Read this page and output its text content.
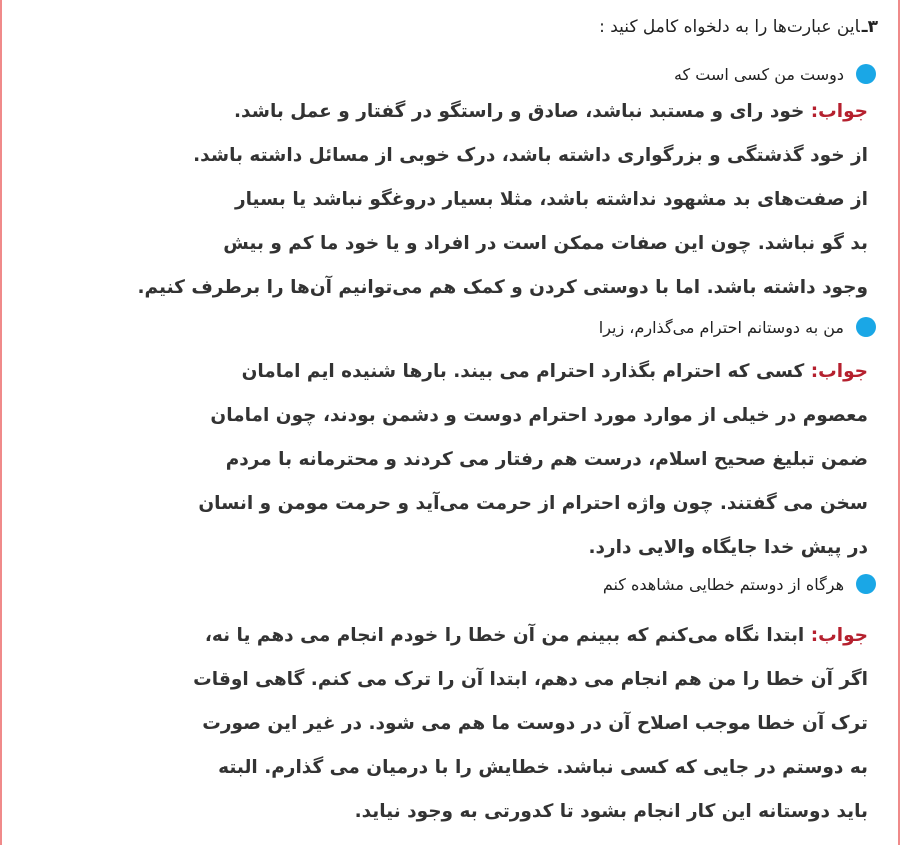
۳ـاین عبارت‌ها را به دلخواه کامل کنید :
دوست من کسی است که
جواب: خود رای و مستبد نباشد، صادق و راستگو در گفتار و عمل باشد.
از خود گذشتگی و بزرگواری داشته باشد، درک خوبی از مسائل داشته باشد.
از صفت‌های بد مشهود نداشته باشد، مثلا بسیار دروغگو نباشد یا بسیار
بد گو نباشد. چون این صفات ممکن است در افراد و یا خود ما کم و بیش
وجود داشته باشد. اما با دوستی کردن و کمک هم می‌توانیم آن‌ها را برطرف کنیم.
من به دوستانم احترام می‌گذارم، زیرا
جواب: کسی که احترام بگذارد احترام می بیند. بارها شنیده ایم امامان
معصوم در خیلی از موارد مورد احترام دوست و دشمن بودند، چون امامان
ضمن تبلیغ صحیح اسلام، درست هم رفتار می کردند و محترمانه با مردم
سخن می گفتند. چون واژه احترام از حرمت می‌آید و حرمت مومن و انسان
در پیش خدا جایگاه والایی دارد.
هرگاه از دوستم خطایی مشاهده کنم
جواب: ابتدا نگاه می‌کنم که ببینم من آن خطا را خودم انجام می دهم یا نه،
اگر آن خطا را من هم انجام می دهم، ابتدا آن را ترک می کنم. گاهی اوقات
ترک آن خطا موجب اصلاح آن در دوست ما هم می شود. در غیر این صورت
به دوستم در جایی که کسی نباشد. خطایش را با درمیان می گذارم. البته
باید دوستانه این کار انجام بشود تا کدورتی به وجود نیاید.
